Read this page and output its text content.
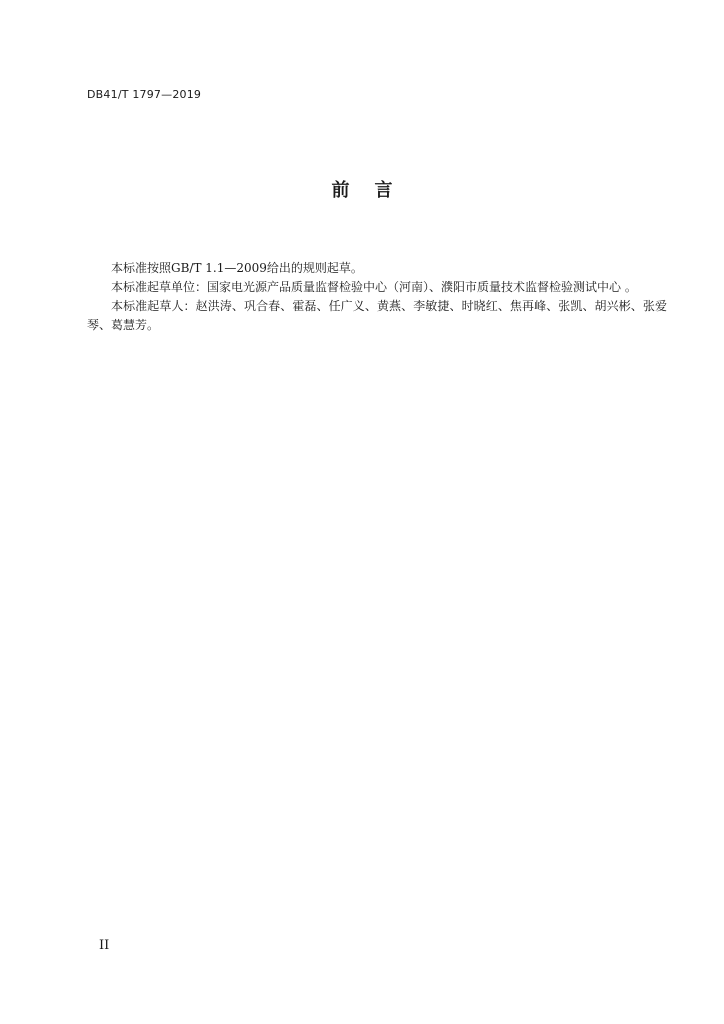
DB41/T 1797—2019
前    言

本标准按照GB/T 1.1—2009给出的规则起草。

本标准起草单位：国家电光源产品质量监督检验中心（河南）、濮阳市质量技术监督检验测试中心 。

本标准起草人：赵洪涛、巩合春、霍磊、任广义、黄燕、李敏捷、时晓红、焦再峰、张凯、胡兴彬、张爱琴、葛慧芳。

II
